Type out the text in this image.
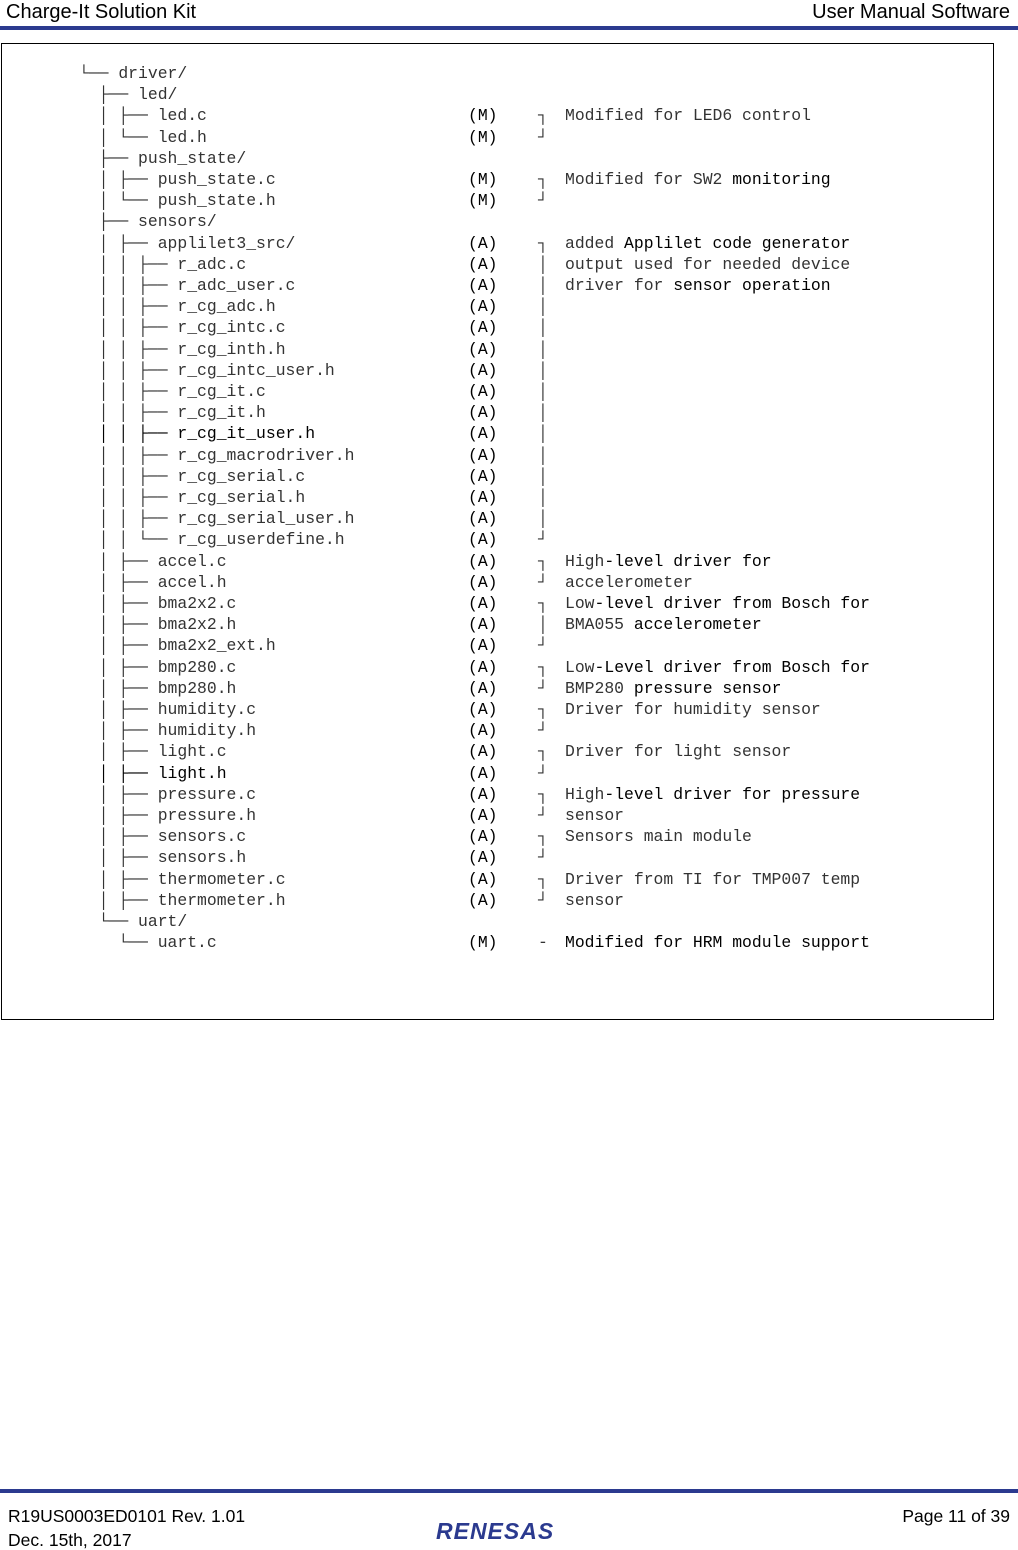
Charge-It Solution Kit	User Manual Software
└── driver/
├── led/
│ ├── led.c
│ └── led.h
├── push_state/
│ ├── push_state.c
│ └── push_state.h
├── sensors/
│ ├── applilet3_src/
│ │ ├── r_adc.c
│ │ ├── r_adc_user.c
│ │ ├── r_cg_adc.h
│ │ ├── r_cg_intc.c
│ │ ├── r_cg_inth.h
│ │ ├── r_cg_intc_user.h
│ │ ├── r_cg_it.c
│ │ ├── r_cg_it.h
│ │ ├── r_cg_it_user.h
│ │ ├── r_cg_macrodriver.h
│ │ ├── r_cg_serial.c
│ │ ├── r_cg_serial.h
│ │ ├── r_cg_serial_user.h
│ │ └── r_cg_userdefine.h
│ ├── accel.c
│ ├── accel.h
│ ├── bma2x2.c
│ ├── bma2x2.h
│ ├── bma2x2_ext.h
│ ├── bmp280.c
│ ├── bmp280.h
│ ├── humidity.c
│ ├── humidity.h
│ ├── light.c
│ ├── light.h
│ ├── pressure.c
│ ├── pressure.h
│ ├── sensors.c
│ ├── sensors.h
│ ├── thermometer.c
│ ├── thermometer.h
└── uart/
└── uart.c
(M)
(M)
(M)
(M)
(A)
(A)
(A)
(A)
(A)
(A)
(A)
(A)
(A)
(A)
(A)
(A)
(A)
(A)
(A)
(A)
(A)
(A)
(A)
(A)
(A)
(A)
(A)
(A)
(A)
(A)
(A)
(A)
(A)
(A)
(A)
(A)
(M)
┐
┘
┐
┘
┐
│
│
│
│
│
│
│
│
│
│
│
│
│
┘
┐
┘
┐
│
┘
┐
┘
┐
┘
┐
┘
┐
┘
┐
┘
┐
┘
-
Modified for LED6 control
Modified for SW2 monitoring
added Applilet code generator
output used for needed device
driver for sensor operation
High-level driver for
accelerometer
Low-level driver from Bosch for
BMA055 accelerometer
Low-Level driver from Bosch for
BMP280 pressure sensor
Driver for humidity sensor
Driver for light sensor
High-level driver for pressure
sensor
Sensors main module
Driver from TI for TMP007 temp
sensor
Modified for HRM module support
R19US0003ED0101 Rev. 1.01
Dec. 15th, 2017
Page 11 of 39
RENESAS
